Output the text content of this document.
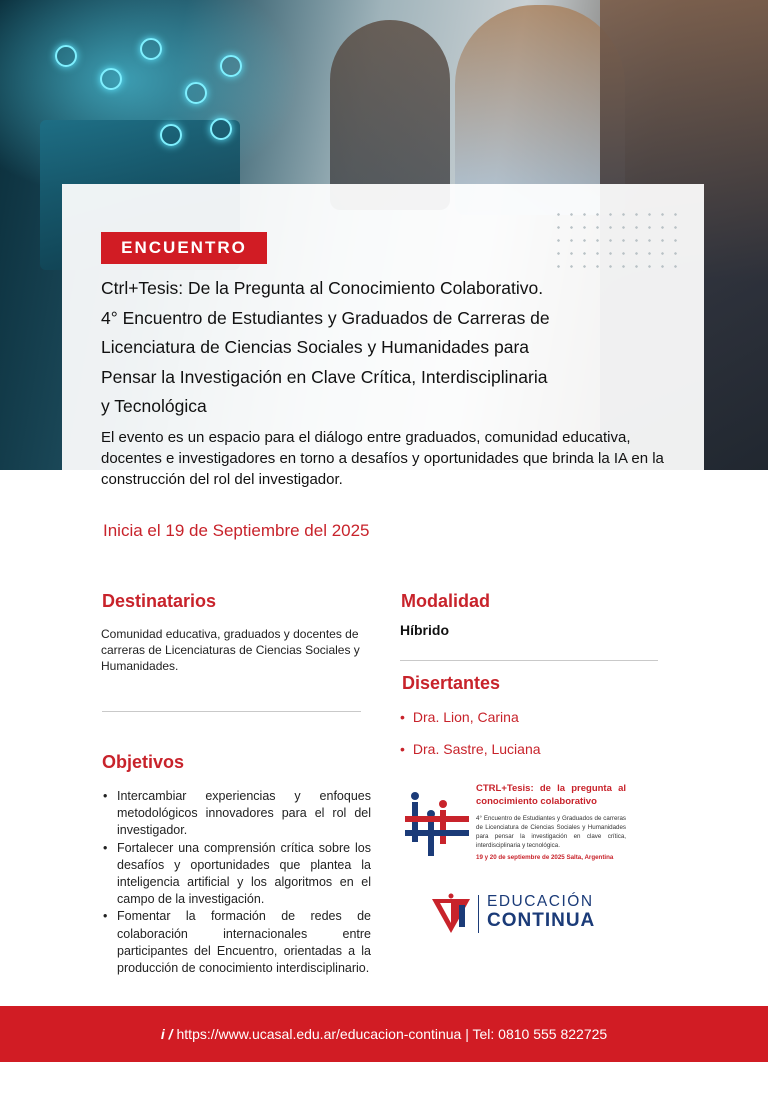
ENCUENTRO
Ctrl+Tesis: De la Pregunta al Conocimiento Colaborativo.
4° Encuentro de Estudiantes y Graduados de Carreras de
Licenciatura de Ciencias Sociales y Humanidades para
Pensar la Investigación en Clave Crítica, Interdisciplinaria
y Tecnológica
El evento es un espacio para el diálogo entre graduados, comunidad educativa, docentes e investigadores en torno a desafíos y oportunidades que brinda la IA en la construcción del rol del investigador.
Inicia el 19 de Septiembre del 2025
Destinatarios
Comunidad educativa, graduados y docentes de carreras de Licenciaturas de Ciencias Sociales y Humanidades.
Objetivos
• Intercambiar experiencias y enfoques metodológicos innovadores para el rol del investigador.
• Fortalecer una comprensión crítica sobre los desafíos y oportunidades que plantea la inteligencia artificial y los algoritmos en el campo de la investigación.
• Fomentar la formación de redes de colaboración internacionales entre participantes del Encuentro, orientadas a la producción de conocimiento interdisciplinario.
Modalidad
Híbrido
Disertantes
• Dra. Lion, Carina
• Dra. Sastre, Luciana
CTRL+Tesis: de la pregunta al conocimiento colaborativo
4° Encuentro de Estudiantes y Graduados de carreras de Licenciatura de Ciencias Sociales y Humanidades para pensar la investigación en clave crítica, interdisciplinaria y tecnológica.
19 y 20 de septiembre de 2025 Salta, Argentina
EDUCACIÓN
CONTINUA
i / https://www.ucasal.edu.ar/educacion-continua | Tel: 0810 555 822725
